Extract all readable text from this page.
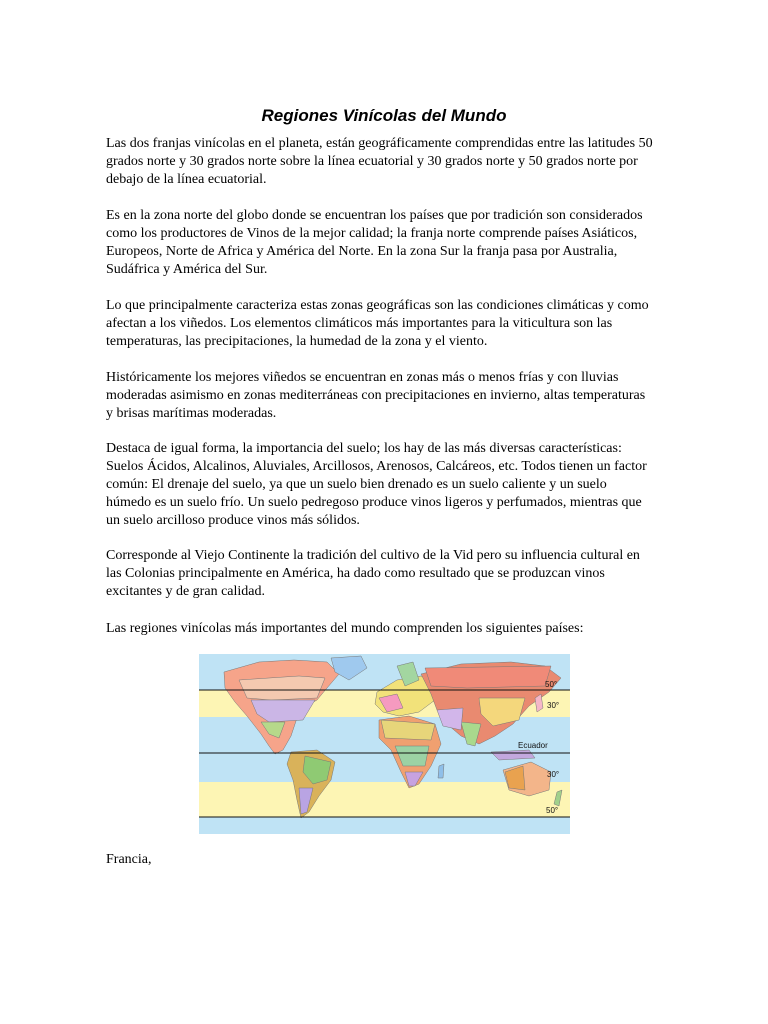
Regiones Vinícolas del Mundo

Las dos franjas vinícolas en el planeta, están geográficamente comprendidas entre las latitudes 50 grados norte y 30 grados norte sobre la línea ecuatorial y 30 grados norte y 50 grados norte por debajo de la línea ecuatorial.

Es en la zona norte del globo donde se encuentran los países que por tradición son considerados como los productores de Vinos de la mejor calidad; la franja norte comprende países Asiáticos, Europeos, Norte de Africa y América del Norte. En la zona Sur la franja pasa por Australia, Sudáfrica y América del Sur.

Lo que principalmente caracteriza estas zonas geográficas son las condiciones climáticas y como afectan a los viñedos. Los elementos climáticos más importantes para la viticultura son las temperaturas, las precipitaciones, la humedad de la zona y el viento.

Históricamente los mejores viñedos se encuentran en zonas más o menos frías y con lluvias moderadas asimismo en zonas mediterráneas con precipitaciones en invierno, altas temperaturas y brisas marítimas moderadas.

Destaca de igual forma, la importancia del suelo; los hay de las más diversas características: Suelos Ácidos, Alcalinos, Aluviales, Arcillosos, Arenosos, Calcáreos, etc. Todos tienen un factor común: El drenaje del suelo, ya que un suelo bien drenado es un suelo caliente y un suelo húmedo es un suelo frío. Un suelo pedregoso produce vinos ligeros y perfumados, mientras que un suelo arcilloso produce vinos más sólidos.

Corresponde al Viejo Continente la tradición del cultivo de la Vid pero su influencia cultural en las Colonias principalmente en América, ha dado como resultado que se produzcan vinos excitantes y de gran calidad.

Las regiones vinícolas más importantes del mundo comprenden los siguientes países:

50°
30°
Ecuador
30°
50°

Francia,
